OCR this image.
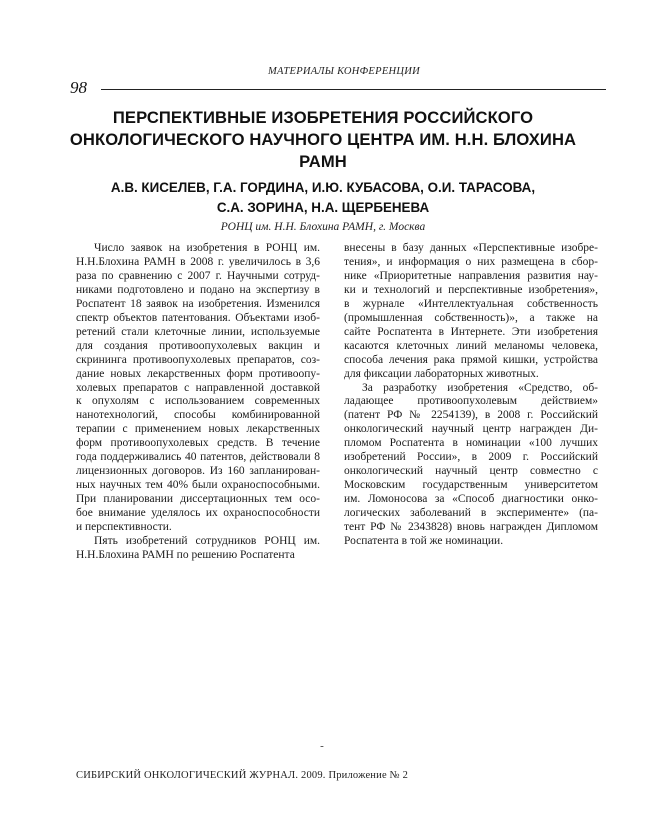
МАТЕРИАЛЫ КОНФЕРЕНЦИИ
98
ПЕРСПЕКТИВНЫЕ ИЗОБРЕТЕНИЯ РОССИЙСКОГО
ОНКОЛОГИЧЕСКОГО НАУЧНОГО ЦЕНТРА ИМ. Н.Н. БЛОХИНА
РАМН
А.В. КИСЕЛЕВ, Г.А. ГОРДИНА, И.Ю. КУБАСОВА, О.И. ТАРАСОВА,
С.А. ЗОРИНА, Н.А. ЩЕРБЕНЕВА

РОНЦ им. Н.Н. Блохина РАМН, г. Москва

Число заявок на изобретения в РОНЦ им.
Н.Н.Блохина РАМН в 2008 г. увеличилось в 3,6
раза по сравнению с 2007 г. Научными сотруд-
никами подготовлено и подано на экспертизу в
Роспатент 18 заявок на изобретения. Изменился
спектр объектов патентования. Объектами изоб-
ретений стали клеточные линии, используемые
для создания противоопухолевых вакцин и
скрининга противоопухолевых препаратов, соз-
дание новых лекарственных форм противоопу-
холевых препаратов с направленной доставкой
к опухолям с использованием современных
нанотехнологий, способы комбинированной
терапии с применением новых лекарственных
форм противоопухолевых средств. В течение
года поддерживались 40 патентов, действовали 8
лицензионных договоров. Из 160 запланирован-
ных научных тем 40% были охраноспособными.
При планировании диссертационных тем осо-
бое внимание уделялось их охраноспособности
и перспективности.
Пять изобретений сотрудников РОНЦ им.
Н.Н.Блохина РАМН по решению Роспатента
внесены в базу данных «Перспективные изобре-
тения», и информация о них размещена в сбор-
нике «Приоритетные направления развития нау-
ки и технологий и перспективные изобретения»,
в журнале «Интеллектуальная собственность
(промышленная собственность)», а также на
сайте Роспатента в Интернете. Эти изобретения
касаются клеточных линий меланомы человека,
способа лечения рака прямой кишки, устройства
для фиксации лабораторных животных.
За разработку изобретения «Средство, об-
ладающее противоопухолевым действием»
(патент РФ № 2254139), в 2008 г. Российский
онкологический научный центр награжден Ди-
пломом Роспатента в номинации «100 лучших
изобретений России», в 2009 г. Российский
онкологический научный центр совместно с
Московским государственным университетом
им. Ломоносова за «Способ диагностики онко-
логических заболеваний в эксперименте» (па-
тент РФ № 2343828) вновь награжден Дипломом
Роспатента в той же номинации.
-
СИБИРСКИЙ ОНКОЛОГИЧЕСКИЙ ЖУРНАЛ. 2009. Приложение № 2
